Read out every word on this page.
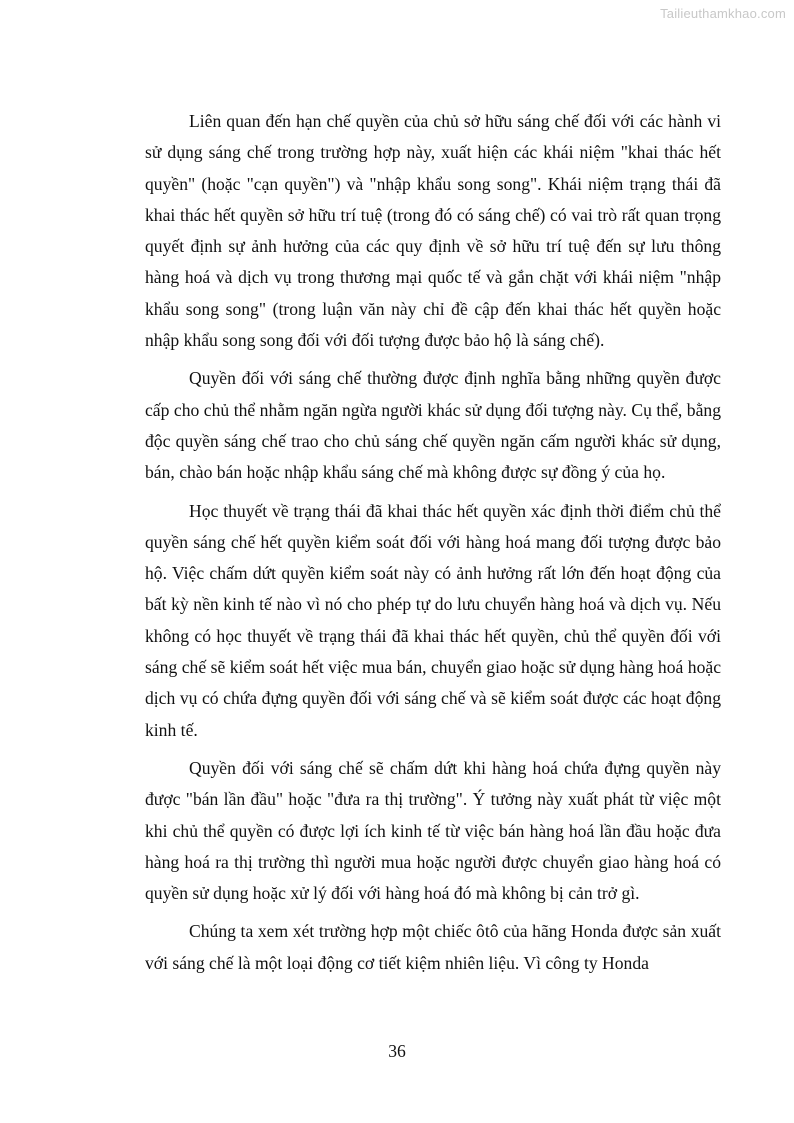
Tailieuthamkhao.com

Liên quan đến hạn chế quyền của chủ sở hữu sáng chế đối với các hành vi sử dụng sáng chế trong trường hợp này, xuất hiện các khái niệm "khai thác hết quyền" (hoặc "cạn quyền") và "nhập khẩu song song". Khái niệm trạng thái đã khai thác hết quyền sở hữu trí tuệ (trong đó có sáng chế) có vai trò rất quan trọng quyết định sự ảnh hưởng của các quy định về sở hữu trí tuệ đến sự lưu thông hàng hoá và dịch vụ trong thương mại quốc tế và gắn chặt với khái niệm "nhập khẩu song song" (trong luận văn này chỉ đề cập đến khai thác hết quyền hoặc nhập khẩu song song đối với đối tượng được bảo hộ là sáng chế).

Quyền đối với sáng chế thường được định nghĩa bằng những quyền được cấp cho chủ thể nhằm ngăn ngừa người khác sử dụng đối tượng này. Cụ thể, bằng độc quyền sáng chế trao cho chủ sáng chế quyền ngăn cấm người khác sử dụng, bán, chào bán hoặc nhập khẩu sáng chế mà không được sự đồng ý của họ.

Học thuyết về trạng thái đã khai thác hết quyền xác định thời điểm chủ thể quyền sáng chế hết quyền kiểm soát đối với hàng hoá mang đối tượng được bảo hộ. Việc chấm dứt quyền kiểm soát này có ảnh hưởng rất lớn đến hoạt động của bất kỳ nền kinh tế nào vì nó cho phép tự do lưu chuyển hàng hoá và dịch vụ. Nếu không có học thuyết về trạng thái đã khai thác hết quyền, chủ thể quyền đối với sáng chế sẽ kiểm soát hết việc mua bán, chuyển giao hoặc sử dụng hàng hoá hoặc dịch vụ có chứa đựng quyền đối với sáng chế và sẽ kiểm soát được các hoạt động kinh tế.

Quyền đối với sáng chế sẽ chấm dứt khi hàng hoá chứa đựng quyền này được "bán lần đầu" hoặc "đưa ra thị trường". Ý tưởng này xuất phát từ việc một khi chủ thể quyền có được lợi ích kinh tế từ việc bán hàng hoá lần đầu hoặc đưa hàng hoá ra thị trường thì người mua hoặc người được chuyển giao hàng hoá có quyền sử dụng hoặc xử lý đối với hàng hoá đó mà không bị cản trở gì.

Chúng ta xem xét trường hợp một chiếc ôtô của hãng Honda được sản xuất với sáng chế là một loại động cơ tiết kiệm nhiên liệu. Vì công ty Honda

36
